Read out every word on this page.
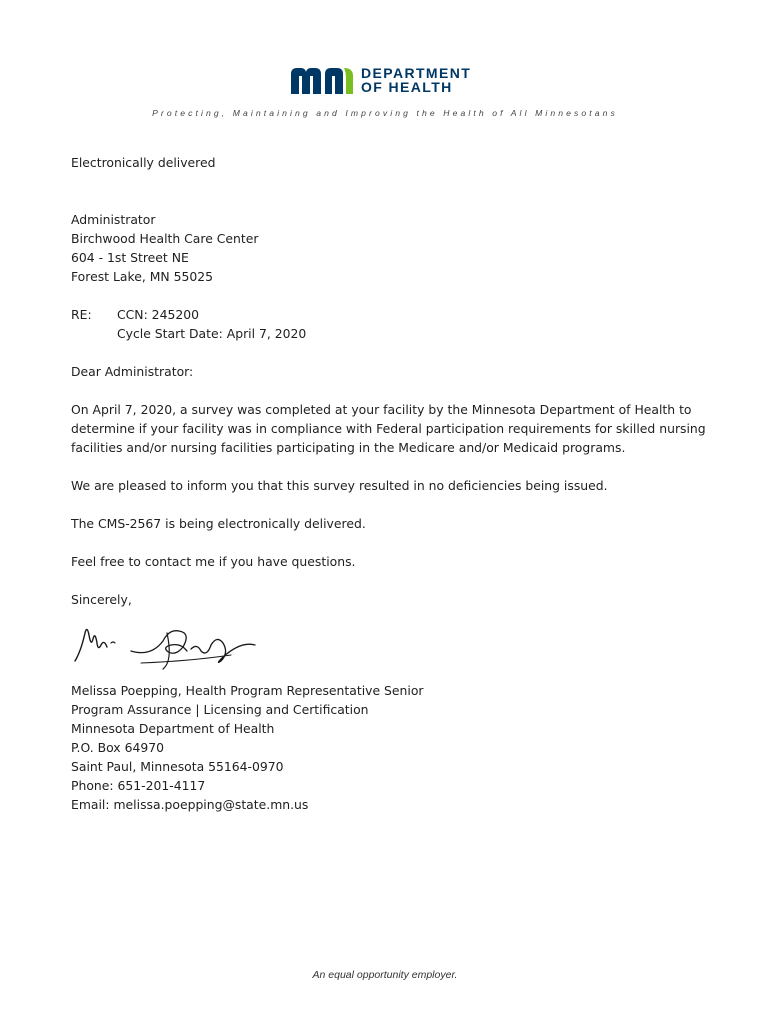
DEPARTMENT
OF HEALTH
Protecting, Maintaining and Improving the Health of All Minnesotans

Electronically delivered

Administrator
Birchwood Health Care Center
604 - 1st Street NE
Forest Lake, MN 55025
RE:	CCN: 245200
Cycle Start Date: April 7, 2020

Dear Administrator:

On April 7, 2020, a survey was completed at your facility by the Minnesota Department of Health to
determine if your facility was in compliance with Federal participation requirements for skilled nursing
facilities and/or nursing facilities participating in the Medicare and/or Medicaid programs.

We are pleased to inform you that this survey resulted in no deficiencies being issued.

The CMS-2567 is being electronically delivered.

Feel free to contact me if you have questions.

Sincerely,

Melissa Poepping, Health Program Representative Senior
Program Assurance | Licensing and Certification
Minnesota Department of Health
P.O. Box 64970
Saint Paul, Minnesota 55164-0970
Phone: 651-201-4117
Email: melissa.poepping@state.mn.us
An equal opportunity employer.
